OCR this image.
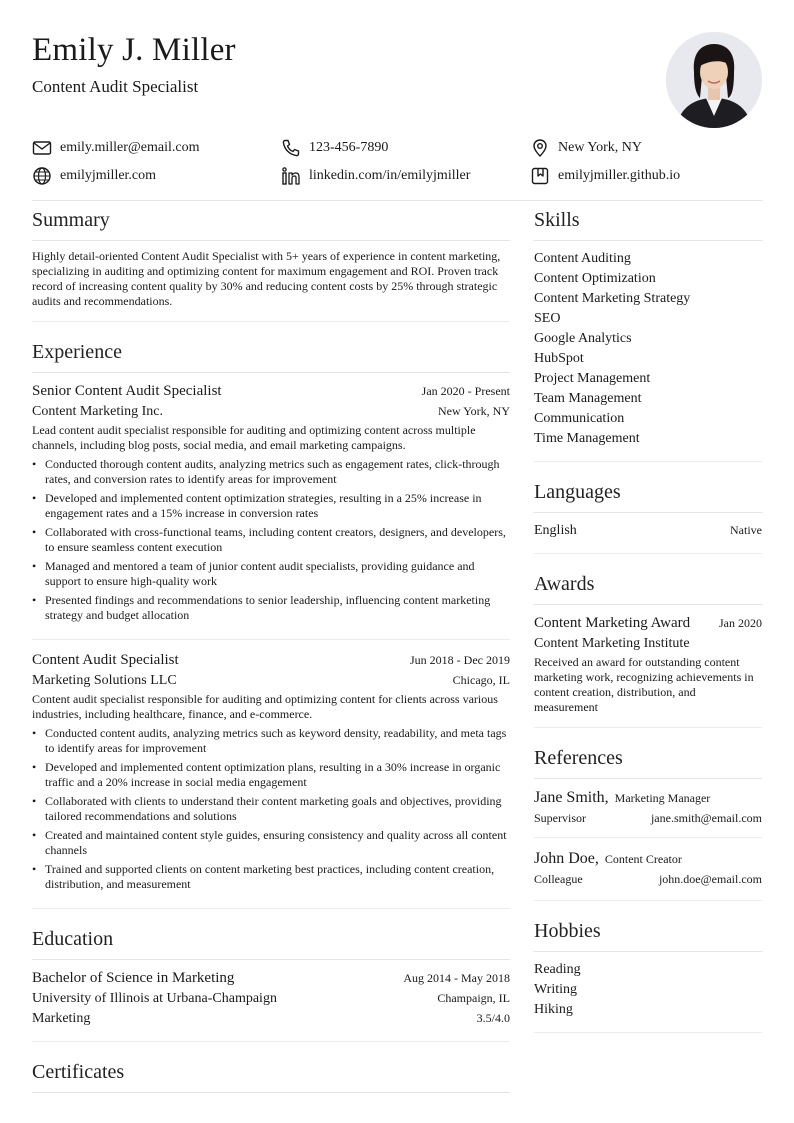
Emily J. Miller
Content Audit Specialist
emily.miller@email.com	123-456-7890	New York, NY
emilyjmiller.com	linkedin.com/in/emilyjmiller	emilyjmiller.github.io
Summary

Highly detail-oriented Content Audit Specialist with 5+ years of experience in content marketing, specializing in auditing and optimizing content for maximum engagement and ROI. Proven track record of increasing content quality by 30% and reducing content costs by 25% through strategic audits and recommendations.

Experience
Senior Content Audit Specialist	Jan 2020 - Present
Content Marketing Inc.	New York, NY

Lead content audit specialist responsible for auditing and optimizing content across multiple channels, including blog posts, social media, and email marketing campaigns.

• Conducted thorough content audits, analyzing metrics such as engagement rates, click-through rates, and conversion rates to identify areas for improvement
• Developed and implemented content optimization strategies, resulting in a 25% increase in engagement rates and a 15% increase in conversion rates
• Collaborated with cross-functional teams, including content creators, designers, and developers, to ensure seamless content execution
• Managed and mentored a team of junior content audit specialists, providing guidance and support to ensure high-quality work
• Presented findings and recommendations to senior leadership, influencing content marketing strategy and budget allocation
Content Audit Specialist	Jun 2018 - Dec 2019
Marketing Solutions LLC	Chicago, IL

Content audit specialist responsible for auditing and optimizing content for clients across various industries, including healthcare, finance, and e-commerce.

• Conducted content audits, analyzing metrics such as keyword density, readability, and meta tags to identify areas for improvement
• Developed and implemented content optimization plans, resulting in a 30% increase in organic traffic and a 20% increase in social media engagement
• Collaborated with clients to understand their content marketing goals and objectives, providing tailored recommendations and solutions
• Created and maintained content style guides, ensuring consistency and quality across all content channels
• Trained and supported clients on content marketing best practices, including content creation, distribution, and measurement
Education
Bachelor of Science in Marketing	Aug 2014 - May 2018
University of Illinois at Urbana-Champaign	Champaign, IL
Marketing	3.5/4.0
Certificates
Skills
Content Auditing
Content Optimization
Content Marketing Strategy
SEO
Google Analytics
HubSpot
Project Management
Team Management
Communication
Time Management
Languages
English	Native
Awards
Content Marketing Award Jan 2020
Content Marketing Institute

Received an award for outstanding content marketing work, recognizing achievements in content creation, distribution, and measurement

References
Jane Smith, Marketing Manager
Supervisor	jane.smith@email.com
John Doe, Content Creator
Colleague	john.doe@email.com
Hobbies
Reading
Writing
Hiking
